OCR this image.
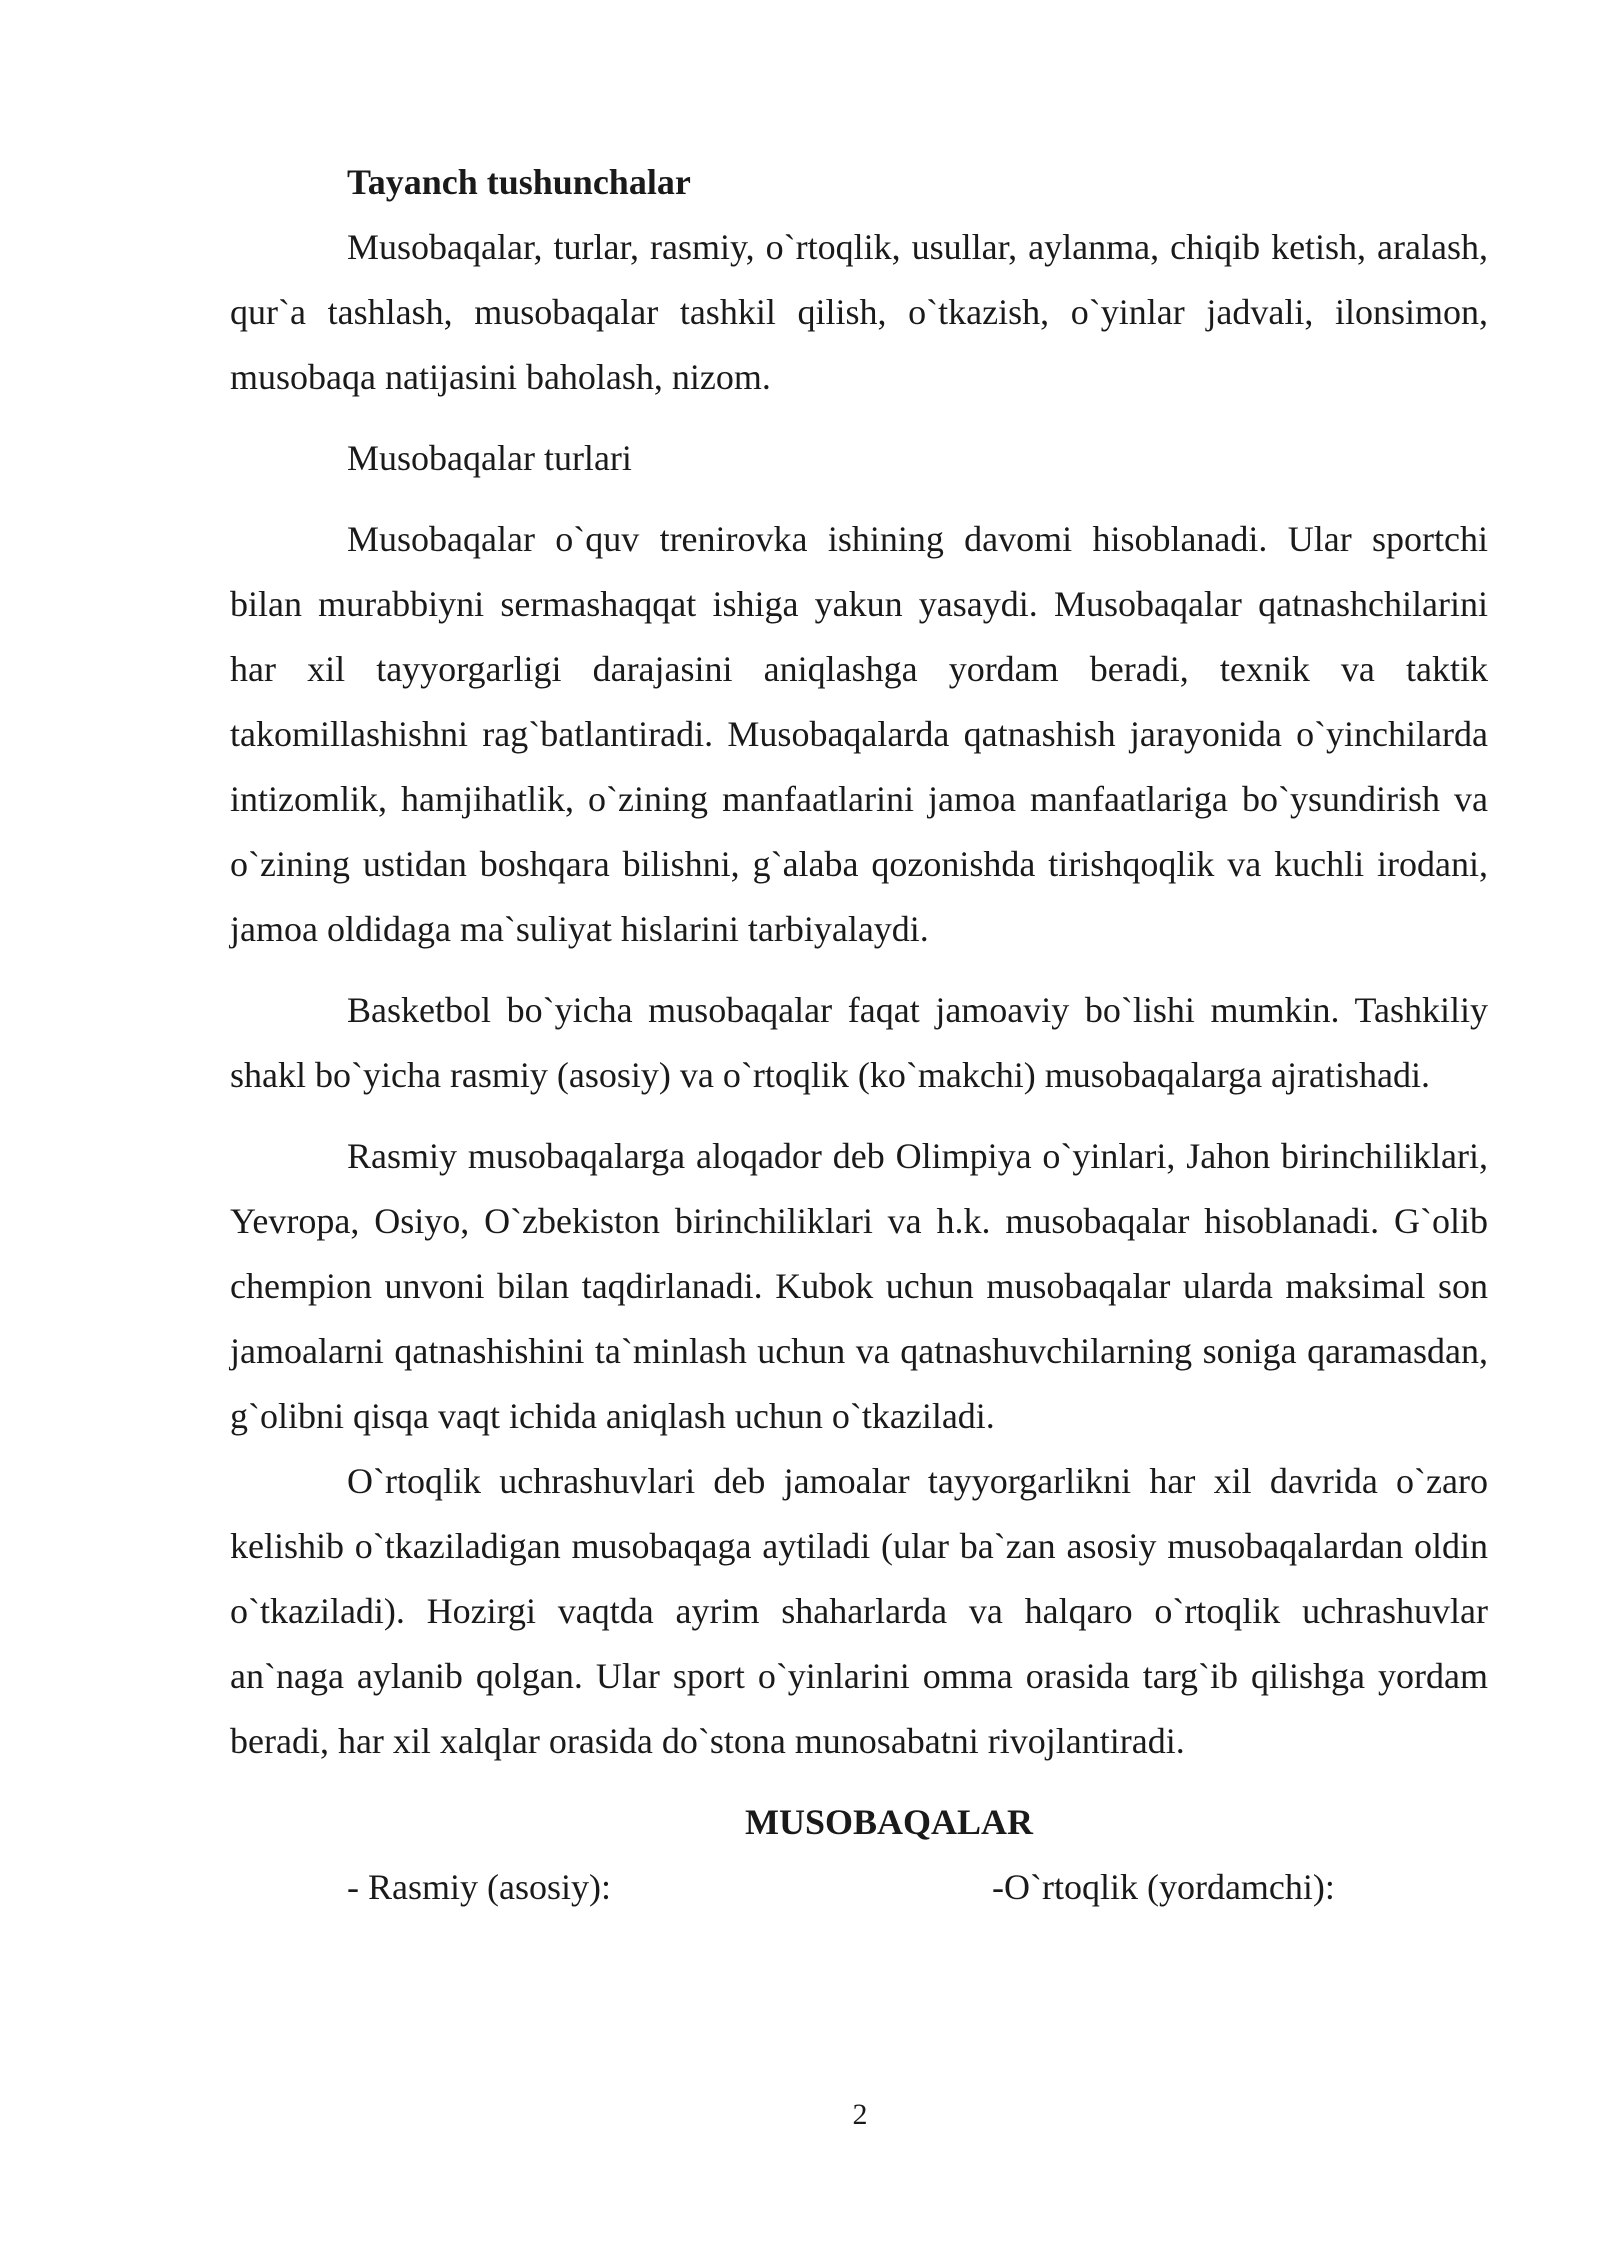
Tayanch tushunchalar

Musobaqalar, turlar, rasmiy, o`rtoqlik, usullar, aylanma, chiqib ketish, aralash, qur`a tashlash, musobaqalar tashkil qilish, o`tkazish, o`yinlar jadvali, ilonsimon, musobaqa natijasini baholash, nizom.

Musobaqalar turlari

Musobaqalar o`quv trenirovka ishining davomi hisoblanadi. Ular sportchi bilan murabbiyni sermashaqqat ishiga yakun yasaydi. Musobaqalar qatnashchilarini har xil tayyorgarligi darajasini aniqlashga yordam beradi, texnik va taktik takomillashishni rag`batlantiradi. Musobaqalarda qatnashish jarayonida o`yinchilarda intizomlik, hamjihatlik, o`zining manfaatlarini jamoa manfaatlariga bo`ysundirish va o`zining ustidan boshqara bilishni, g`alaba qozonishda tirishqoqlik va kuchli irodani, jamoa oldidaga ma`suliyat hislarini tarbiyalaydi.

Basketbol bo`yicha musobaqalar faqat jamoaviy bo`lishi mumkin. Tashkiliy shakl bo`yicha rasmiy (asosiy) va o`rtoqlik (ko`makchi) musobaqalarga ajratishadi.

Rasmiy musobaqalarga aloqador deb Olimpiya o`yinlari, Jahon birinchiliklari, Yevropa, Osiyo, O`zbekiston birinchiliklari va h.k. musobaqalar hisoblanadi. G`olib chempion unvoni bilan taqdirlanadi. Kubok uchun musobaqalar ularda maksimal son jamoalarni qatnashishini ta`minlash uchun va qatnashuvchilarning soniga qaramasdan, g`olibni qisqa vaqt ichida aniqlash uchun o`tkaziladi.

O`rtoqlik uchrashuvlari deb jamoalar tayyorgarlikni har xil davrida o`zaro kelishib o`tkaziladigan musobaqaga aytiladi (ular ba`zan asosiy musobaqalardan oldin o`tkaziladi). Hozirgi vaqtda ayrim shaharlarda va halqaro o`rtoqlik uchrashuvlar an`naga aylanib qolgan. Ular sport o`yinlarini omma orasida targ`ib qilishga yordam beradi, har xil xalqlar orasida do`stona munosabatni rivojlantiradi.

MUSOBAQALAR

- Rasmiy (asosiy):	-O`rtoqlik (yordamchi):
2
